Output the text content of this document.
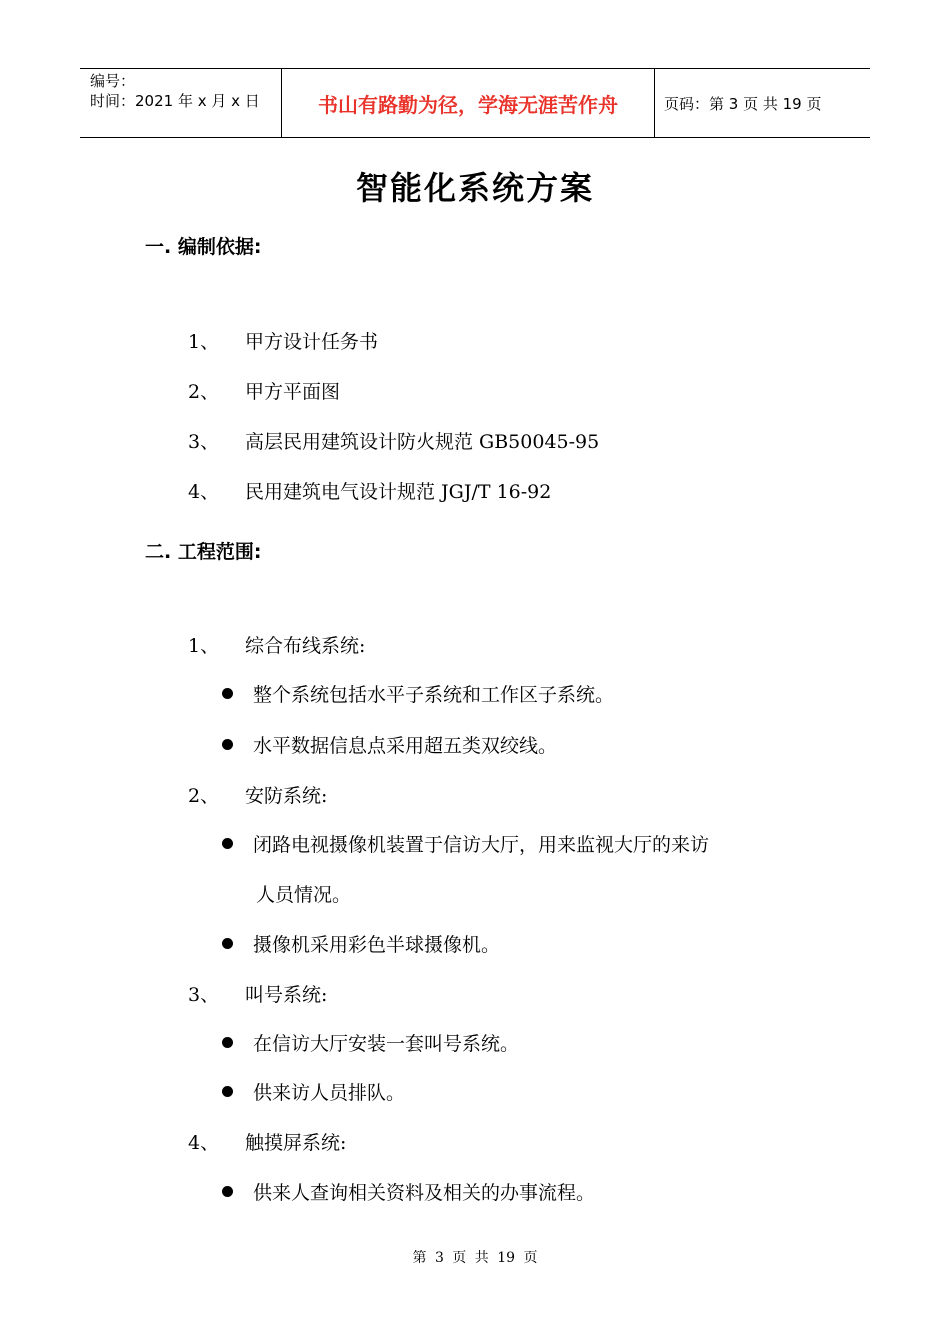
编号：
时间：2021 年 x 月 x 日	书山有路勤为径，学海无涯苦作舟	页码：第 3 页 共 19 页
智能化系统方案
一. 编制依据:
1、 甲方设计任务书
2、 甲方平面图
3、 高层民用建筑设计防火规范 GB50045-95
4、 民用建筑电气设计规范 JGJ/T 16-92
二. 工程范围:
1、 综合布线系统:
整个系统包括水平子系统和工作区子系统。
水平数据信息点采用超五类双绞线。
2、 安防系统:
闭路电视摄像机装置于信访大厅，用来监视大厅的来访
人员情况。
摄像机采用彩色半球摄像机。
3、 叫号系统:
在信访大厅安装一套叫号系统。
供来访人员排队。
4、 触摸屏系统:
供来人查询相关资料及相关的办事流程。
第 3 页 共 19 页
